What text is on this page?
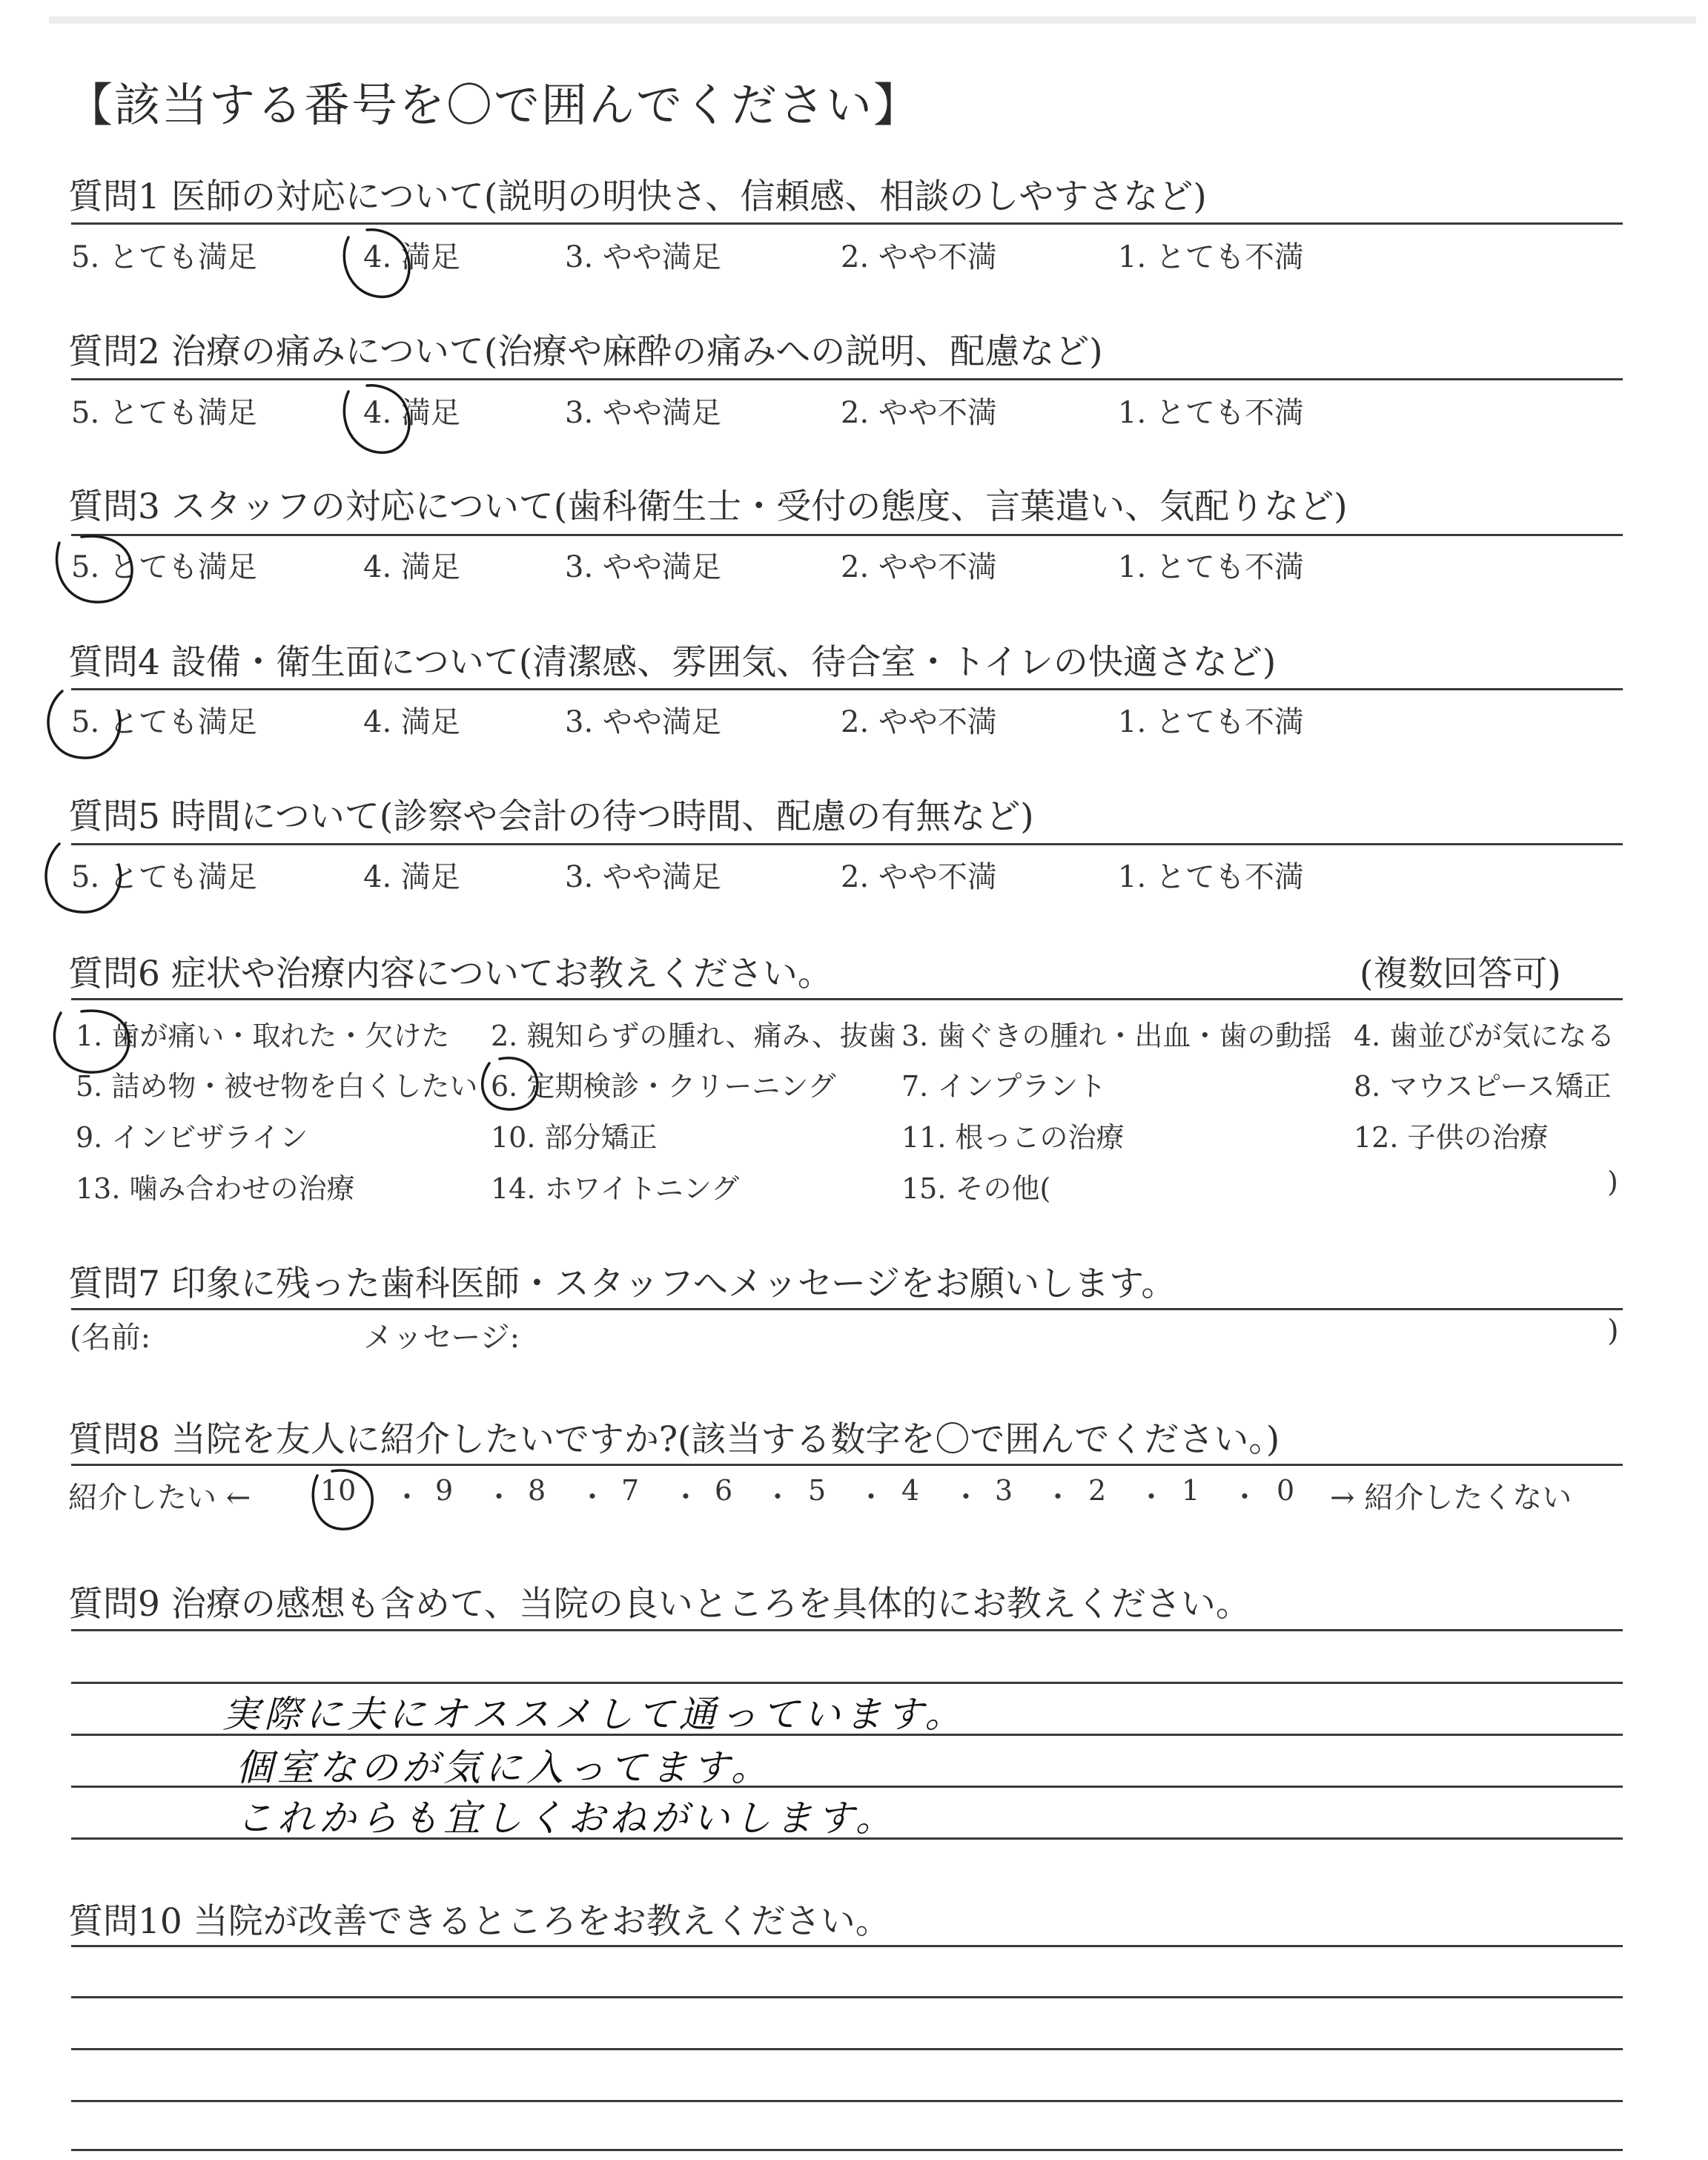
【該当する番号を〇で囲んでください】
質問1 医師の対応について(説明の明快さ、信頼感、相談のしやすさなど)
5. とても満足	4. 満足	3. やや満足	2. やや不満	1. とても不満
質問2 治療の痛みについて(治療や麻酔の痛みへの説明、配慮など)
5. とても満足	4. 満足	3. やや満足	2. やや不満	1. とても不満
質問3 スタッフの対応について(歯科衛生士・受付の態度、言葉遣い、気配りなど)
5. とても満足	4. 満足	3. やや満足	2. やや不満	1. とても不満
質問4 設備・衛生面について(清潔感、雰囲気、待合室・トイレの快適さなど)
5. とても満足	4. 満足	3. やや満足	2. やや不満	1. とても不満
質問5 時間について(診察や会計の待つ時間、配慮の有無など)
5. とても満足	4. 満足	3. やや満足	2. やや不満	1. とても不満
質問6 症状や治療内容についてお教えください。	(複数回答可)
1. 歯が痛い・取れた・欠けた 2. 親知らずの腫れ、痛み、抜歯 3. 歯ぐきの腫れ・出血・歯の動揺 4. 歯並びが気になる
5. 詰め物・被せ物を白くしたい 6. 定期検診・クリーニング 7. インプラント	8. マウスピース矯正
9. インビザライン	10. 部分矯正	11. 根っこの治療	12. 子供の治療
13. 噛み合わせの治療	14. ホワイトニング	15. その他(	)
質問7 印象に残った歯科医師・スタッフへメッセージをお願いします。
(名前:	メッセージ:	)
質問8 当院を友人に紹介したいですか?(該当する数字を〇で囲んでください。)
紹介したい ←	→ 紹介したくない
10 ・ 9 ・ 8 ・ 7 ・ 6 ・ 5 ・ 4 ・ 3 ・ 2 ・ 1 ・ 0
質問9 治療の感想も含めて、当院の良いところを具体的にお教えください。
実際に夫にオススメして通っています。
個室なのが気に入ってます。
これからも宜しくおねがいします。
質問10 当院が改善できるところをお教えください。
